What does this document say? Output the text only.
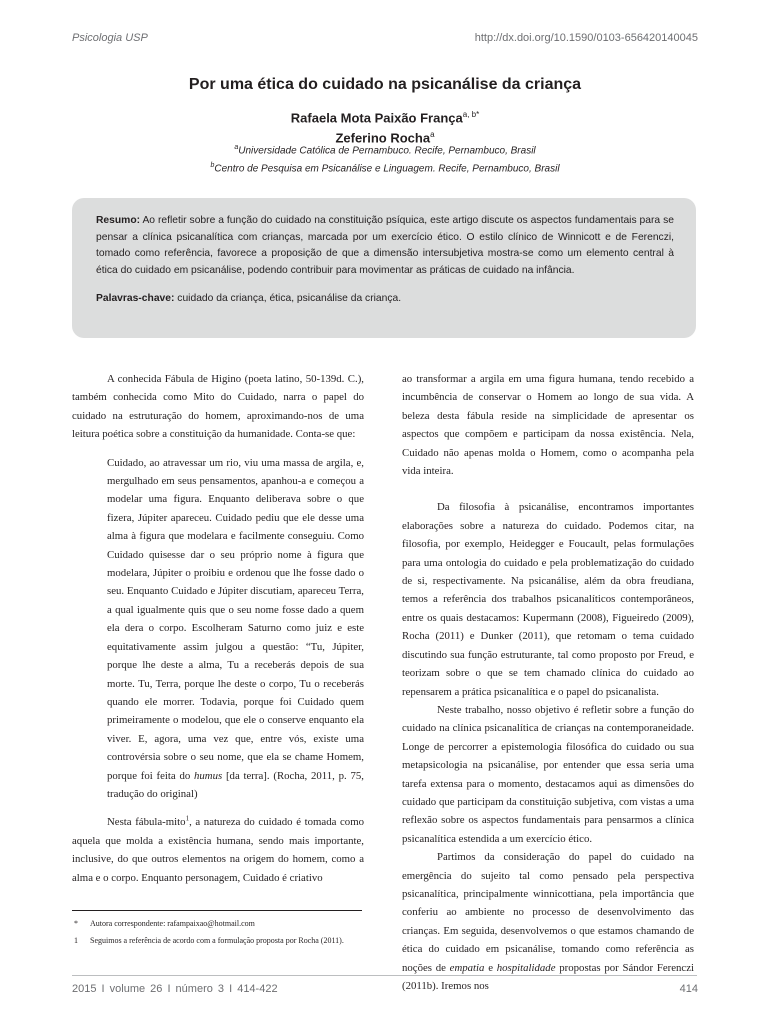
Psicologia USP	http://dx.doi.org/10.1590/0103-656420140045
Por uma ética do cuidado na psicanálise da criança
Rafaela Mota Paixão França$^{a, b*}$
Zeferino Rocha$^a$
$^a$Universidade Católica de Pernambuco. Recife, Pernambuco, Brasil
$^b$Centro de Pesquisa em Psicanálise e Linguagem. Recife, Pernambuco, Brasil

Resumo: Ao refletir sobre a função do cuidado na constituição psíquica, este artigo discute os aspectos fundamentais para se pensar a clínica psicanalítica com crianças, marcada por um exercício ético. O estilo clínico de Winnicott e de Ferenczi, tomado como referência, favorece a proposição de que a dimensão intersubjetiva mostra-se como um elemento central à ética do cuidado em psicanálise, podendo contribuir para movimentar as práticas de cuidado na infância.

Palavras-chave: cuidado da criança, ética, psicanálise da criança.

A conhecida Fábula de Higino (poeta latino, 50-139d. C.), também conhecida como Mito do Cuidado, narra o papel do cuidado na estruturação do homem, aproximando-nos de uma leitura poética sobre a constituição da humanidade. Conta-se que:

Cuidado, ao atravessar um rio, viu uma massa de argila, e, mergulhado em seus pensamentos, apanhou-a e começou a modelar uma figura. Enquanto deliberava sobre o que fizera, Júpiter apareceu. Cuidado pediu que ele desse uma alma à figura que modelara e facilmente conseguiu. Como Cuidado quisesse dar o seu próprio nome à figura que modelara, Júpiter o proibiu e ordenou que lhe fosse dado o seu. Enquanto Cuidado e Júpiter discutiam, apareceu Terra, a qual igualmente quis que o seu nome fosse dado a quem ela dera o corpo. Escolheram Saturno como juiz e este equitativamente assim julgou a questão: “Tu, Júpiter, porque lhe deste a alma, Tu a receberás depois de sua morte. Tu, Terra, porque lhe deste o corpo, Tu o receberás quando ele morrer. Todavia, porque foi Cuidado quem primeiramente o modelou, que ele o conserve enquanto ela viver. E, agora, uma vez que, entre vós, existe uma controvérsia sobre o seu nome, que ela se chame Homem, porque foi feita do humus [da terra]. (Rocha, 2011, p. 75, tradução do original)

Nesta fábula-mito$^1$, a natureza do cuidado é tomada como aquela que molda a existência humana, sendo mais importante, inclusive, do que outros elementos na origem do homem, como a alma e o corpo. Enquanto personagem, Cuidado é criativo

ao transformar a argila em uma figura humana, tendo recebido a incumbência de conservar o Homem ao longo de sua vida. A beleza desta fábula reside na simplicidade de apresentar os aspectos que compõem e participam da nossa existência. Nela, Cuidado não apenas molda o Homem, como o acompanha pela vida inteira.

Da filosofia à psicanálise, encontramos importantes elaborações sobre a natureza do cuidado. Podemos citar, na filosofia, por exemplo, Heidegger e Foucault, pelas formulações para uma ontologia do cuidado e pela problematização do cuidado de si, respectivamente. Na psicanálise, além da obra freudiana, temos a referência dos trabalhos psicanalíticos contemporâneos, entre os quais destacamos: Kupermann (2008), Figueiredo (2009), Rocha (2011) e Dunker (2011), que retomam o tema cuidado discutindo sua função estruturante, tal como proposto por Freud, e teorizam sobre o que se tem chamado clínica do cuidado ao repensarem a prática psicanalítica e o papel do psicanalista.

Neste trabalho, nosso objetivo é refletir sobre a função do cuidado na clínica psicanalítica de crianças na contemporaneidade. Longe de percorrer a epistemologia filosófica do cuidado ou sua metapsicologia na psicanálise, por entender que essa seria uma tarefa extensa para o momento, destacamos aqui as dimensões do cuidado que participam da constituição subjetiva, com vistas a uma reflexão sobre os aspectos fundamentais para pensarmos a clínica psicanalítica estendida a um exercício ético.

Partimos da consideração do papel do cuidado na emergência do sujeito tal como pensado pela perspectiva psicanalítica, principalmente winnicottiana, pela importância que conferiu ao ambiente no processo de desenvolvimento das crianças. Em seguida, desenvolvemos o que estamos chamando de ética do cuidado em psicanálise, tomando como referência as noções de empatia e hospitalidade propostas por Sándor Ferenczi (2011b). Iremos nos

* Autora correspondente: rafampaixao@hotmail.com
1 Seguimos a referência de acordo com a formulação proposta por Rocha (2011).
2015 I volume 26 I número 3 I 414-422	414
